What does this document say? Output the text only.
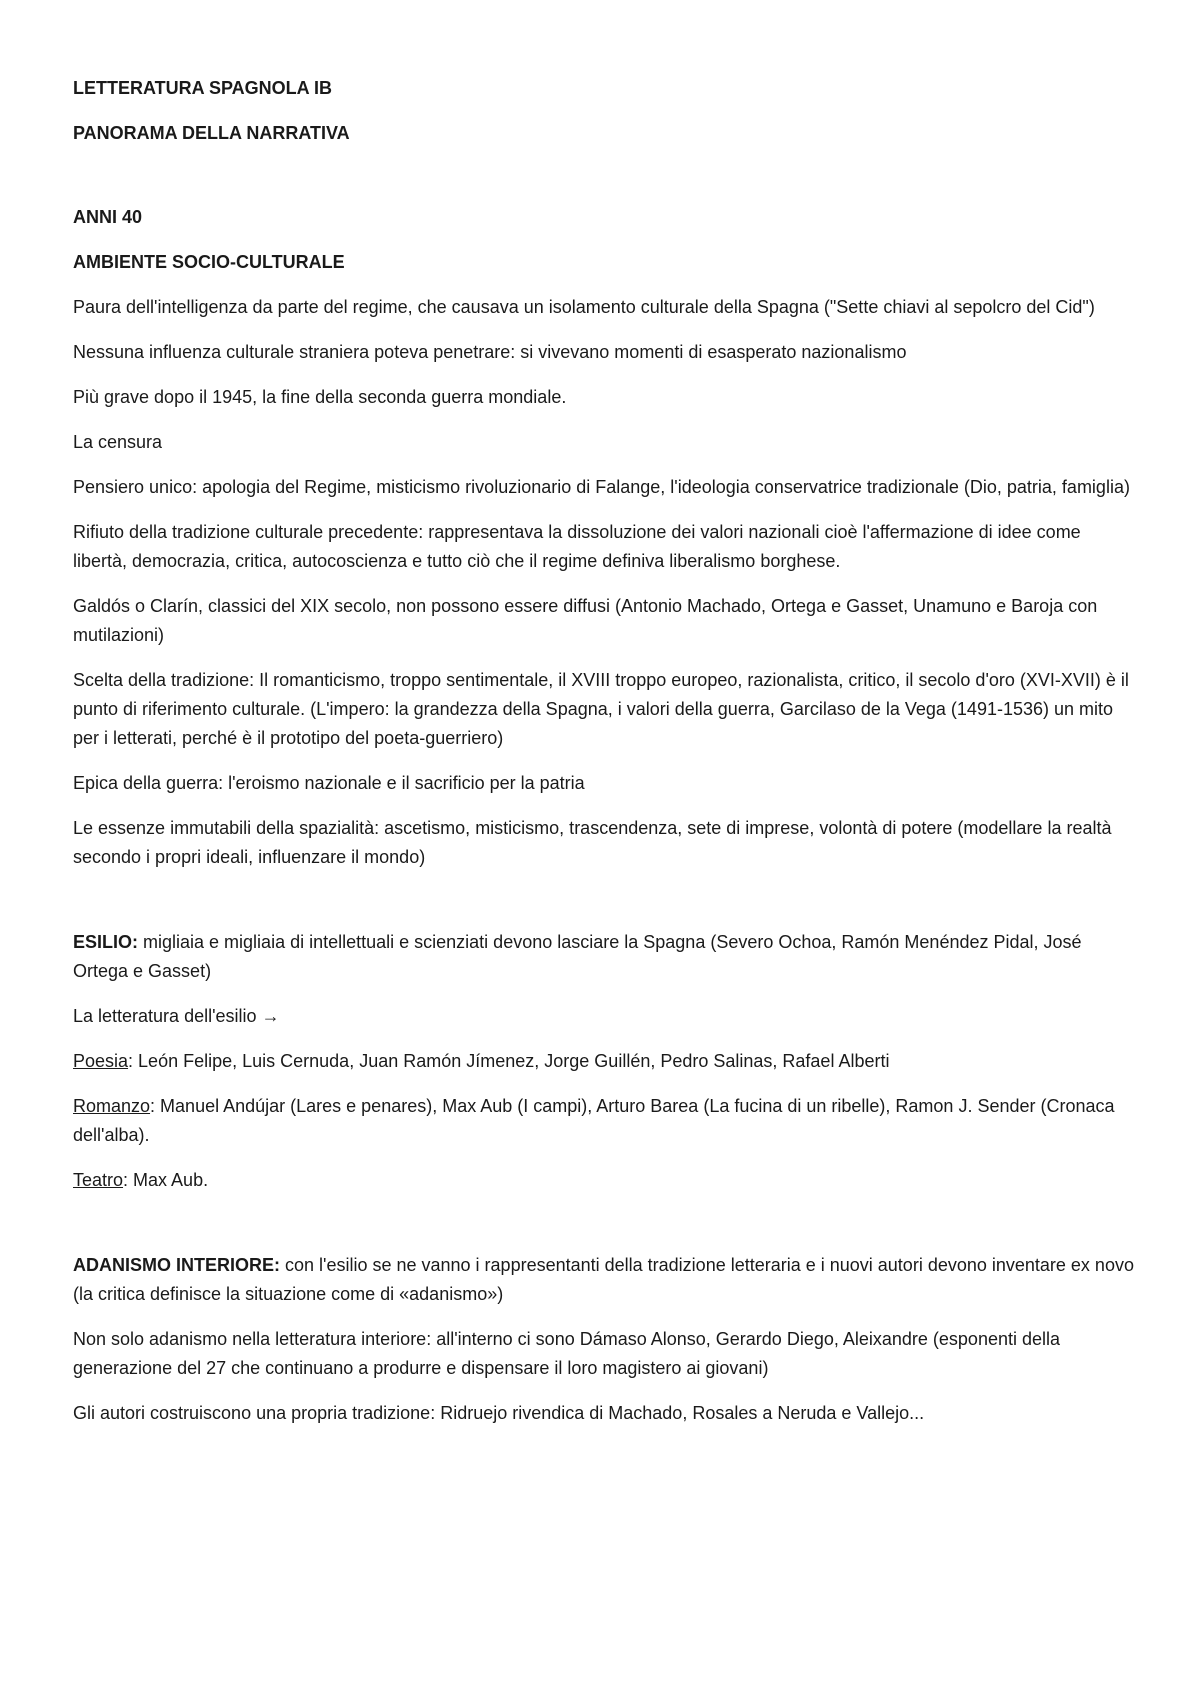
LETTERATURA SPAGNOLA IB

PANORAMA DELLA NARRATIVA

ANNI 40

AMBIENTE SOCIO-CULTURALE

Paura dell'intelligenza da parte del regime, che causava un isolamento culturale della Spagna ("Sette chiavi al sepolcro del Cid")

Nessuna influenza culturale straniera poteva penetrare: si vivevano momenti di esasperato nazionalismo

Più grave dopo il 1945, la fine della seconda guerra mondiale.

La censura

Pensiero unico: apologia del Regime, misticismo rivoluzionario di Falange, l'ideologia conservatrice tradizionale (Dio, patria, famiglia)

Rifiuto della tradizione culturale precedente: rappresentava la dissoluzione dei valori nazionali cioè l'affermazione di idee come libertà, democrazia, critica, autocoscienza e tutto ciò che il regime definiva liberalismo borghese.

Galdós o Clarín, classici del XIX secolo, non possono essere diffusi (Antonio Machado, Ortega e Gasset, Unamuno e Baroja con mutilazioni)

Scelta della tradizione: Il romanticismo, troppo sentimentale, il XVIII troppo europeo, razionalista, critico, il secolo d'oro (XVI-XVII) è il punto di riferimento culturale. (L'impero: la grandezza della Spagna, i valori della guerra, Garcilaso de la Vega (1491-1536) un mito per i letterati, perché è il prototipo del poeta-guerriero)

Epica della guerra: l'eroismo nazionale e il sacrificio per la patria

Le essenze immutabili della spazialità: ascetismo, misticismo, trascendenza, sete di imprese, volontà di potere (modellare la realtà secondo i propri ideali, influenzare il mondo)

ESILIO: migliaia e migliaia di intellettuali e scienziati devono lasciare la Spagna (Severo Ochoa, Ramón Menéndez Pidal, José Ortega e Gasset)

La letteratura dell'esilio →

Poesia: León Felipe, Luis Cernuda, Juan Ramón Jímenez, Jorge Guillén, Pedro Salinas, Rafael Alberti

Romanzo: Manuel Andújar (Lares e penares), Max Aub (I campi), Arturo Barea (La fucina di un ribelle), Ramon J. Sender (Cronaca dell'alba).

Teatro: Max Aub.

ADANISMO INTERIORE: con l'esilio se ne vanno i rappresentanti della tradizione letteraria e i nuovi autori devono inventare ex novo (la critica definisce la situazione come di «adanismo»)

Non solo adanismo nella letteratura interiore: all'interno ci sono Dámaso Alonso, Gerardo Diego, Aleixandre (esponenti della generazione del 27 che continuano a produrre e dispensare il loro magistero ai giovani)

Gli autori costruiscono una propria tradizione: Ridruejo rivendica di Machado, Rosales a Neruda e Vallejo...
